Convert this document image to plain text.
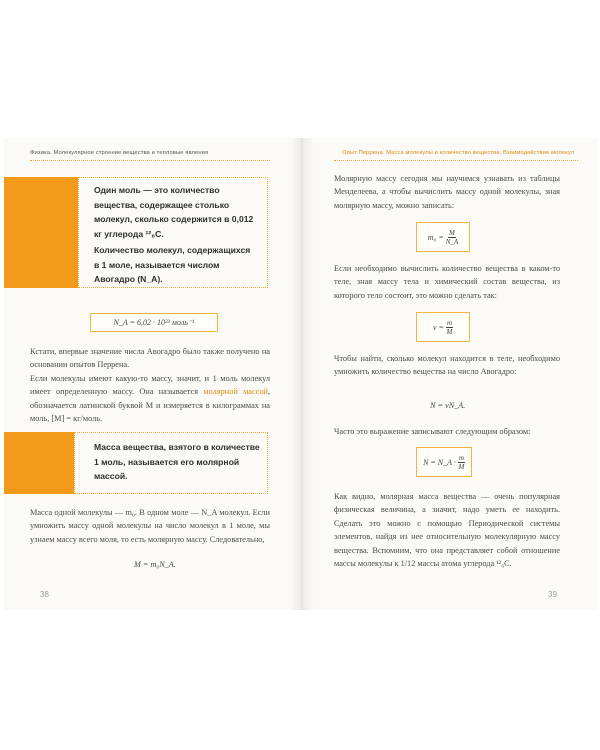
Физика. Молекулярное строение вещества и тепловые явления	Опыт Перрена. Масса молекулы и количество вещества. Взаимодействие молекул
Один моль — это количество вещества, содержащее столько молекул, сколько содержится в 0,012 кг углерода ¹²₆С.
Количество молекул, содержащихся в 1 моле, называется числом Авогадро (N_A).
N_A = 6,02 · 10²³ моль⁻¹
Кстати, впервые значение числа Авогадро было также получено на основании опытов Перрена.
Если молекулы имеют какую-то массу, значит, и 1 моль молекул имеет определенную массу. Она называется молярной массой, обозначается латинской буквой M и измеряется в килограммах на моль, [M] = кг/моль.
Масса вещества, взятого в количестве 1 моль, называется его молярной массой.
Масса одной молекулы — m₀. В одном моле — N_A молекул. Если умножить массу одной молекулы на число молекул в 1 моле, мы узнаем массу всего моля, то есть молярную массу. Следовательно,
M = m₀N_A.
38
Молярную массу сегодня мы научимся узнавать из таблицы Менделеева, а чтобы вычислить массу одной молекулы, зная молярную массу, можно записать:
$m_0 = \frac{M}{N\_A}$
Если необходимо вычислить количество вещества в каком-то теле, зная массу тела и химический состав вещества, из которого тело состоит, это можно сделать так:
$\nu = \frac{m}{M}$
Чтобы найти, сколько молекул находится в теле, необходимо умножить количество вещества на число Авогадро:
N = νN_A.
Часто это выражение записывают следующим образом:
N = N_A · $\frac{m}{M}$
Как видно, молярная масса вещества — очень популярная физическая величина, а значит, надо уметь ее находить. Сделать это можно с помощью Периодической системы элементов, найдя из нее относительную молекулярную массу вещества. Вспомним, что она представляет собой отношение массы молекулы к 1/12 массы атома углерода ¹²₆С.
39
